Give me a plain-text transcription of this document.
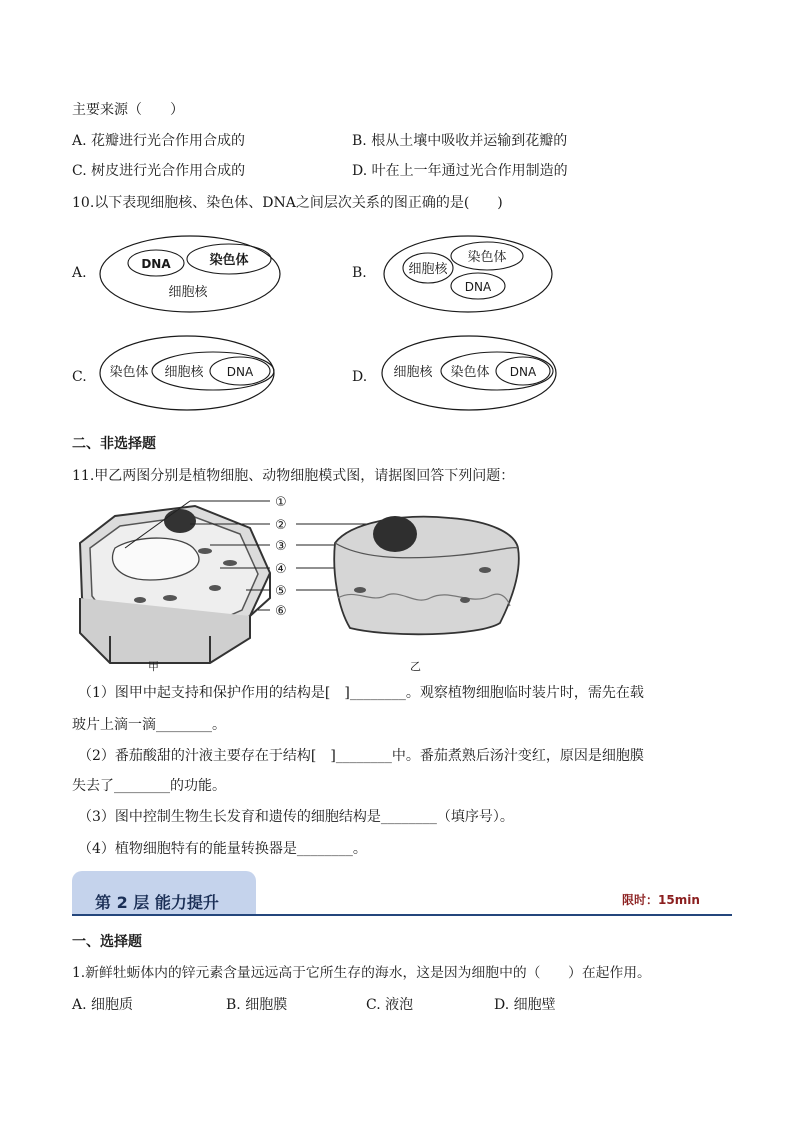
主要来源（　　）
A. 花瓣进行光合作用合成的	B. 根从土壤中吸收并运输到花瓣的
C. 树皮进行光合作用合成的	D. 叶在上一年通过光合作用制造的
10.以下表现细胞核、染色体、DNA之间层次关系的图正确的是(　　)
A.
DNA	染色体
细胞核
B.	细胞核
染色体
DNA
C. 染色体 细胞核 DNA	D. 细胞核 染色体 DNA
二、非选择题
11.甲乙两图分别是植物细胞、动物细胞模式图，请据图回答下列问题：
①
②
③
④
⑤
⑥
甲	乙
（1）图甲中起支持和保护作用的结构是[　]________。观察植物细胞临时装片时，需先在载
玻片上滴一滴________。
（2）番茄酸甜的汁液主要存在于结构[　]________中。番茄煮熟后汤汁变红，原因是细胞膜
失去了________的功能。
（3）图中控制生物生长发育和遗传的细胞结构是________（填序号）。
（4）植物细胞特有的能量转换器是________。
第 2 层 能力提升	限时：15min
一、选择题
1.新鲜牡蛎体内的锌元素含量远远高于它所生存的海水，这是因为细胞中的（　　）在起作用。
A. 细胞质	B. 细胞膜	C. 液泡	D. 细胞壁
